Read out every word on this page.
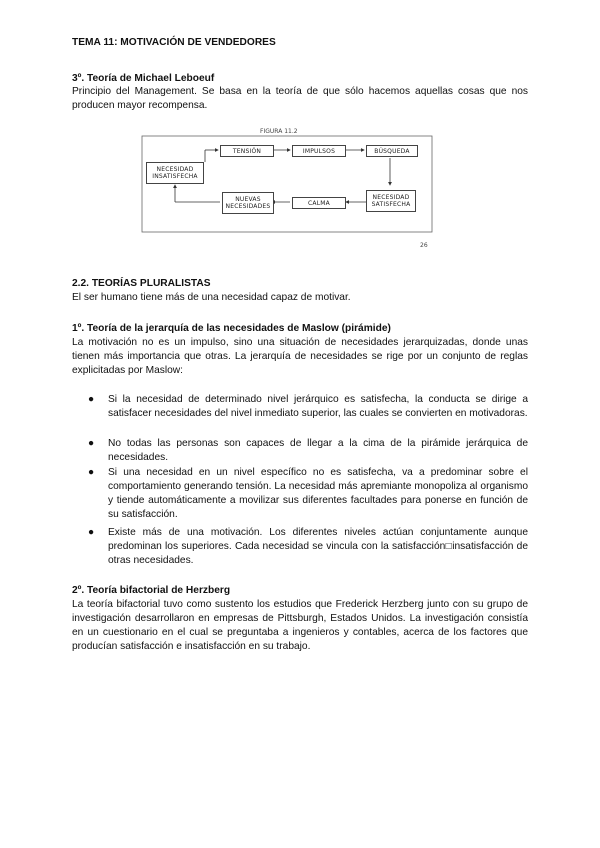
TEMA 11: MOTIVACIÓN DE VENDEDORES
3º. Teoría de Michael Leboeuf
Principio del Management. Se basa en la teoría de que sólo hacemos aquellas cosas que nos producen mayor recompensa.
FIGURA 11.2
NECESIDAD INSATISFECHA
TENSIÓN	IMPULSOS	BÚSQUEDA
NECESIDAD SATISFECHA
CALMA
NUEVAS NECESIDADES
26
2.2. TEORÍAS PLURALISTAS
El ser humano tiene más de una necesidad capaz de motivar.
1º. Teoría de la jerarquía de las necesidades de Maslow (pirámide)
La motivación no es un impulso, sino una situación de necesidades jerarquizadas, donde unas tienen más importancia que otras. La jerarquía de necesidades se rige por un conjunto de reglas explicitadas por Maslow:
●	Si la necesidad de determinado nivel jerárquico es satisfecha, la conducta se dirige a satisfacer necesidades del nivel inmediato superior, las cuales se convierten en motivadoras.
●	No todas las personas son capaces de llegar a la cima de la pirámide jerárquica de necesidades.
●	Si una necesidad en un nivel específico no es satisfecha, va a predominar sobre el comportamiento generando tensión. La necesidad más apremiante monopoliza al organismo y tiende automáticamente a movilizar sus diferentes facultades para ponerse en función de su satisfacción.
●	Existe más de una motivación. Los diferentes niveles actúan conjuntamente aunque predominan los superiores. Cada necesidad se vincula con la satisfacción□insatisfacción de otras necesidades.
2º. Teoría bifactorial de Herzberg
La teoría bifactorial tuvo como sustento los estudios que Frederick Herzberg junto con su grupo de investigación desarrollaron en empresas de Pittsburgh, Estados Unidos. La investigación consistía en un cuestionario en el cual se preguntaba a ingenieros y contables, acerca de los factores que producían satisfacción e insatisfacción en su trabajo.
